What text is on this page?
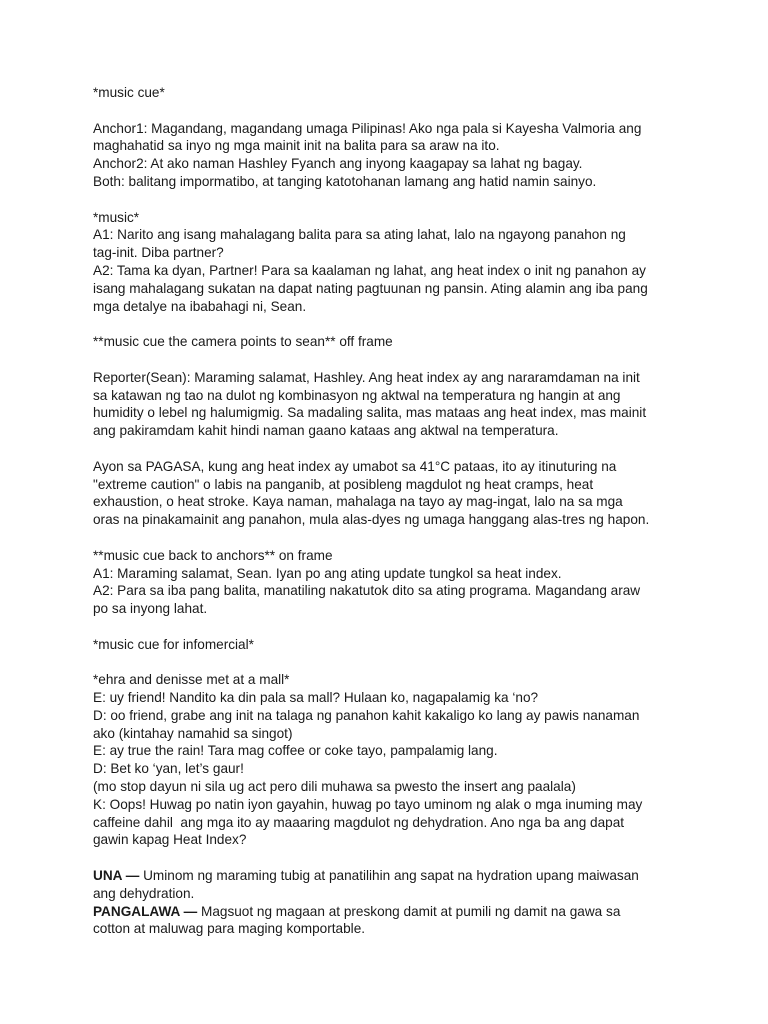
*music cue*
Anchor1: Magandang, magandang umaga Pilipinas! Ako nga pala si Kayesha Valmoria ang
maghahatid sa inyo ng mga mainit init na balita para sa araw na ito.
Anchor2: At ako naman Hashley Fyanch ang inyong kaagapay sa lahat ng bagay.
Both: balitang impormatibo, at tanging katotohanan lamang ang hatid namin sainyo.
*music*
A1: Narito ang isang mahalagang balita para sa ating lahat, lalo na ngayong panahon ng
tag-init. Diba partner?
A2: Tama ka dyan, Partner! Para sa kaalaman ng lahat, ang heat index o init ng panahon ay
isang mahalagang sukatan na dapat nating pagtuunan ng pansin. Ating alamin ang iba pang
mga detalye na ibabahagi ni, Sean.
**music cue the camera points to sean** off frame
Reporter(Sean): Maraming salamat, Hashley. Ang heat index ay ang nararamdaman na init
sa katawan ng tao na dulot ng kombinasyon ng aktwal na temperatura ng hangin at ang
humidity o lebel ng halumigmig. Sa madaling salita, mas mataas ang heat index, mas mainit
ang pakiramdam kahit hindi naman gaano kataas ang aktwal na temperatura.
Ayon sa PAGASA, kung ang heat index ay umabot sa 41°C pataas, ito ay itinuturing na
"extreme caution" o labis na panganib, at posibleng magdulot ng heat cramps, heat
exhaustion, o heat stroke. Kaya naman, mahalaga na tayo ay mag-ingat, lalo na sa mga
oras na pinakamainit ang panahon, mula alas-dyes ng umaga hanggang alas-tres ng hapon.
**music cue back to anchors** on frame
A1: Maraming salamat, Sean. Iyan po ang ating update tungkol sa heat index.
A2: Para sa iba pang balita, manatiling nakatutok dito sa ating programa. Magandang araw
po sa inyong lahat.
*music cue for infomercial*
*ehra and denisse met at a mall*
E: uy friend! Nandito ka din pala sa mall? Hulaan ko, nagapalamig ka ‘no?
D: oo friend, grabe ang init na talaga ng panahon kahit kakaligo ko lang ay pawis nanaman
ako (kintahay namahid sa singot)
E: ay true the rain! Tara mag coffee or coke tayo, pampalamig lang.
D: Bet ko ‘yan, let’s gaur!
(mo stop dayun ni sila ug act pero dili muhawa sa pwesto the insert ang paalala)
K: Oops! Huwag po natin iyon gayahin, huwag po tayo uminom ng alak o mga inuming may
caffeine dahil  ang mga ito ay maaaring magdulot ng dehydration. Ano nga ba ang dapat
gawin kapag Heat Index?
UNA — Uminom ng maraming tubig at panatilihin ang sapat na hydration upang maiwasan
ang dehydration.
PANGALAWA — Magsuot ng magaan at preskong damit at pumili ng damit na gawa sa
cotton at maluwag para maging komportable.
